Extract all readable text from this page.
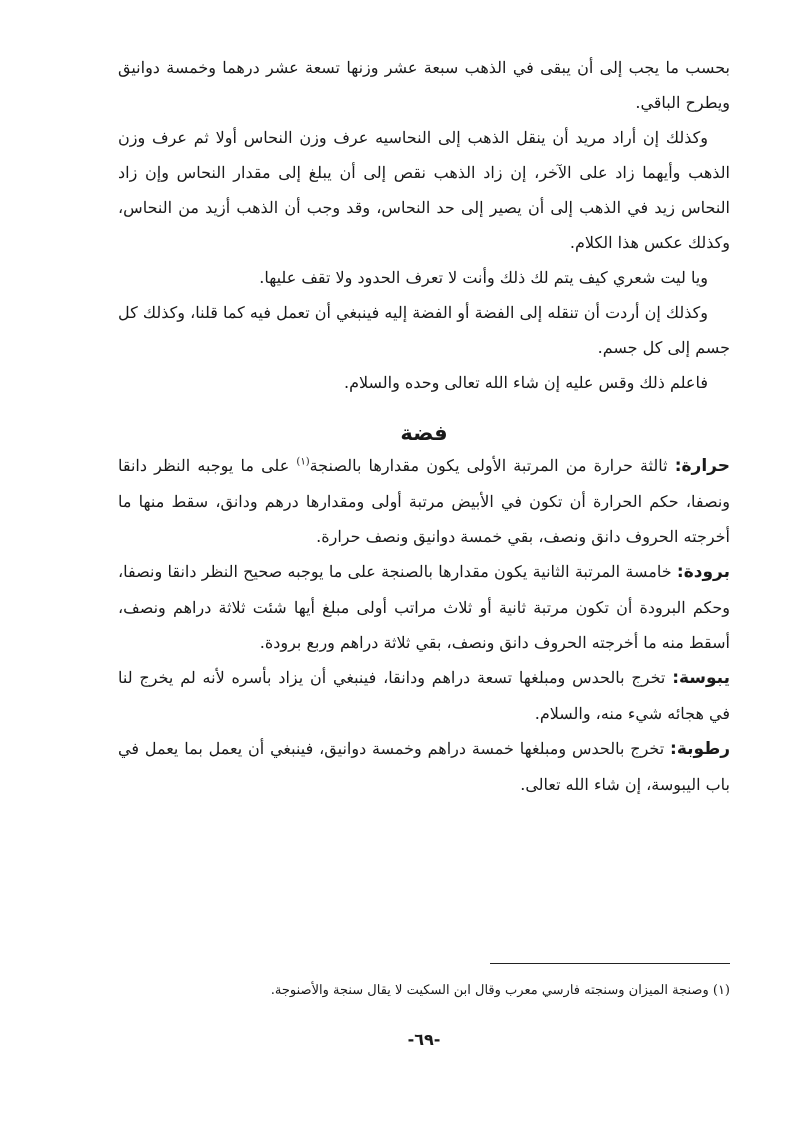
بحسب ما يجب إلى أن يبقى في الذهب سبعة عشر وزنها تسعة عشر درهما وخمسة دوانيق ويطرح الباقي.

وكذلك إن أراد مريد أن ينقل الذهب إلى النحاسيه عرف وزن النحاس أولا ثم عرف وزن الذهب وأيهما زاد على الآخر، إن زاد الذهب نقص إلى أن يبلغ إلى مقدار النحاس وإن زاد النحاس زيد في الذهب إلى أن يصير إلى حد النحاس، وقد وجب أن الذهب أزيد من النحاس، وكذلك عكس هذا الكلام.

ويا ليت شعري كيف يتم لك ذلك وأنت لا تعرف الحدود ولا تقف عليها.

وكذلك إن أردت أن تنقله إلى الفضة أو الفضة إليه فينبغي أن تعمل فيه كما قلنا، وكذلك كل جسم إلى كل جسم.

فاعلم ذلك وقس عليه إن شاء الله تعالى وحده والسلام.

فضة

حرارة: ثالثة حرارة من المرتبة الأولى يكون مقدارها بالصنجة$^{(١)}$ على ما يوجبه النظر دانقا ونصفا، حكم الحرارة أن تكون في الأبيض مرتبة أولى ومقدارها درهم ودانق، سقط منها ما أخرجته الحروف دانق ونصف، بقي خمسة دوانيق ونصف حرارة.

برودة: خامسة المرتبة الثانية يكون مقدارها بالصنجة على ما يوجبه صحيح النظر دانقا ونصفا، وحكم البرودة أن تكون مرتبة ثانية أو ثلاث مراتب أولى مبلغ أيها شئت ثلاثة دراهم ونصف، أسقط منه ما أخرجته الحروف دانق ونصف، بقي ثلاثة دراهم وربع برودة.

يبوسة: تخرج بالحدس ومبلغها تسعة دراهم ودانقا، فينبغي أن يزاد بأسره لأنه لم يخرج لنا في هجائه شيء منه، والسلام.

رطوبة: تخرج بالحدس ومبلغها خمسة دراهم وخمسة دوانيق، فينبغي أن يعمل بما يعمل في باب اليبوسة، إن شاء الله تعالى.

(١) وصنجة الميزان وسنجته فارسي معرب وقال ابن السكيت لا يقال سنجة والأصنوجة.
-٦٩-
